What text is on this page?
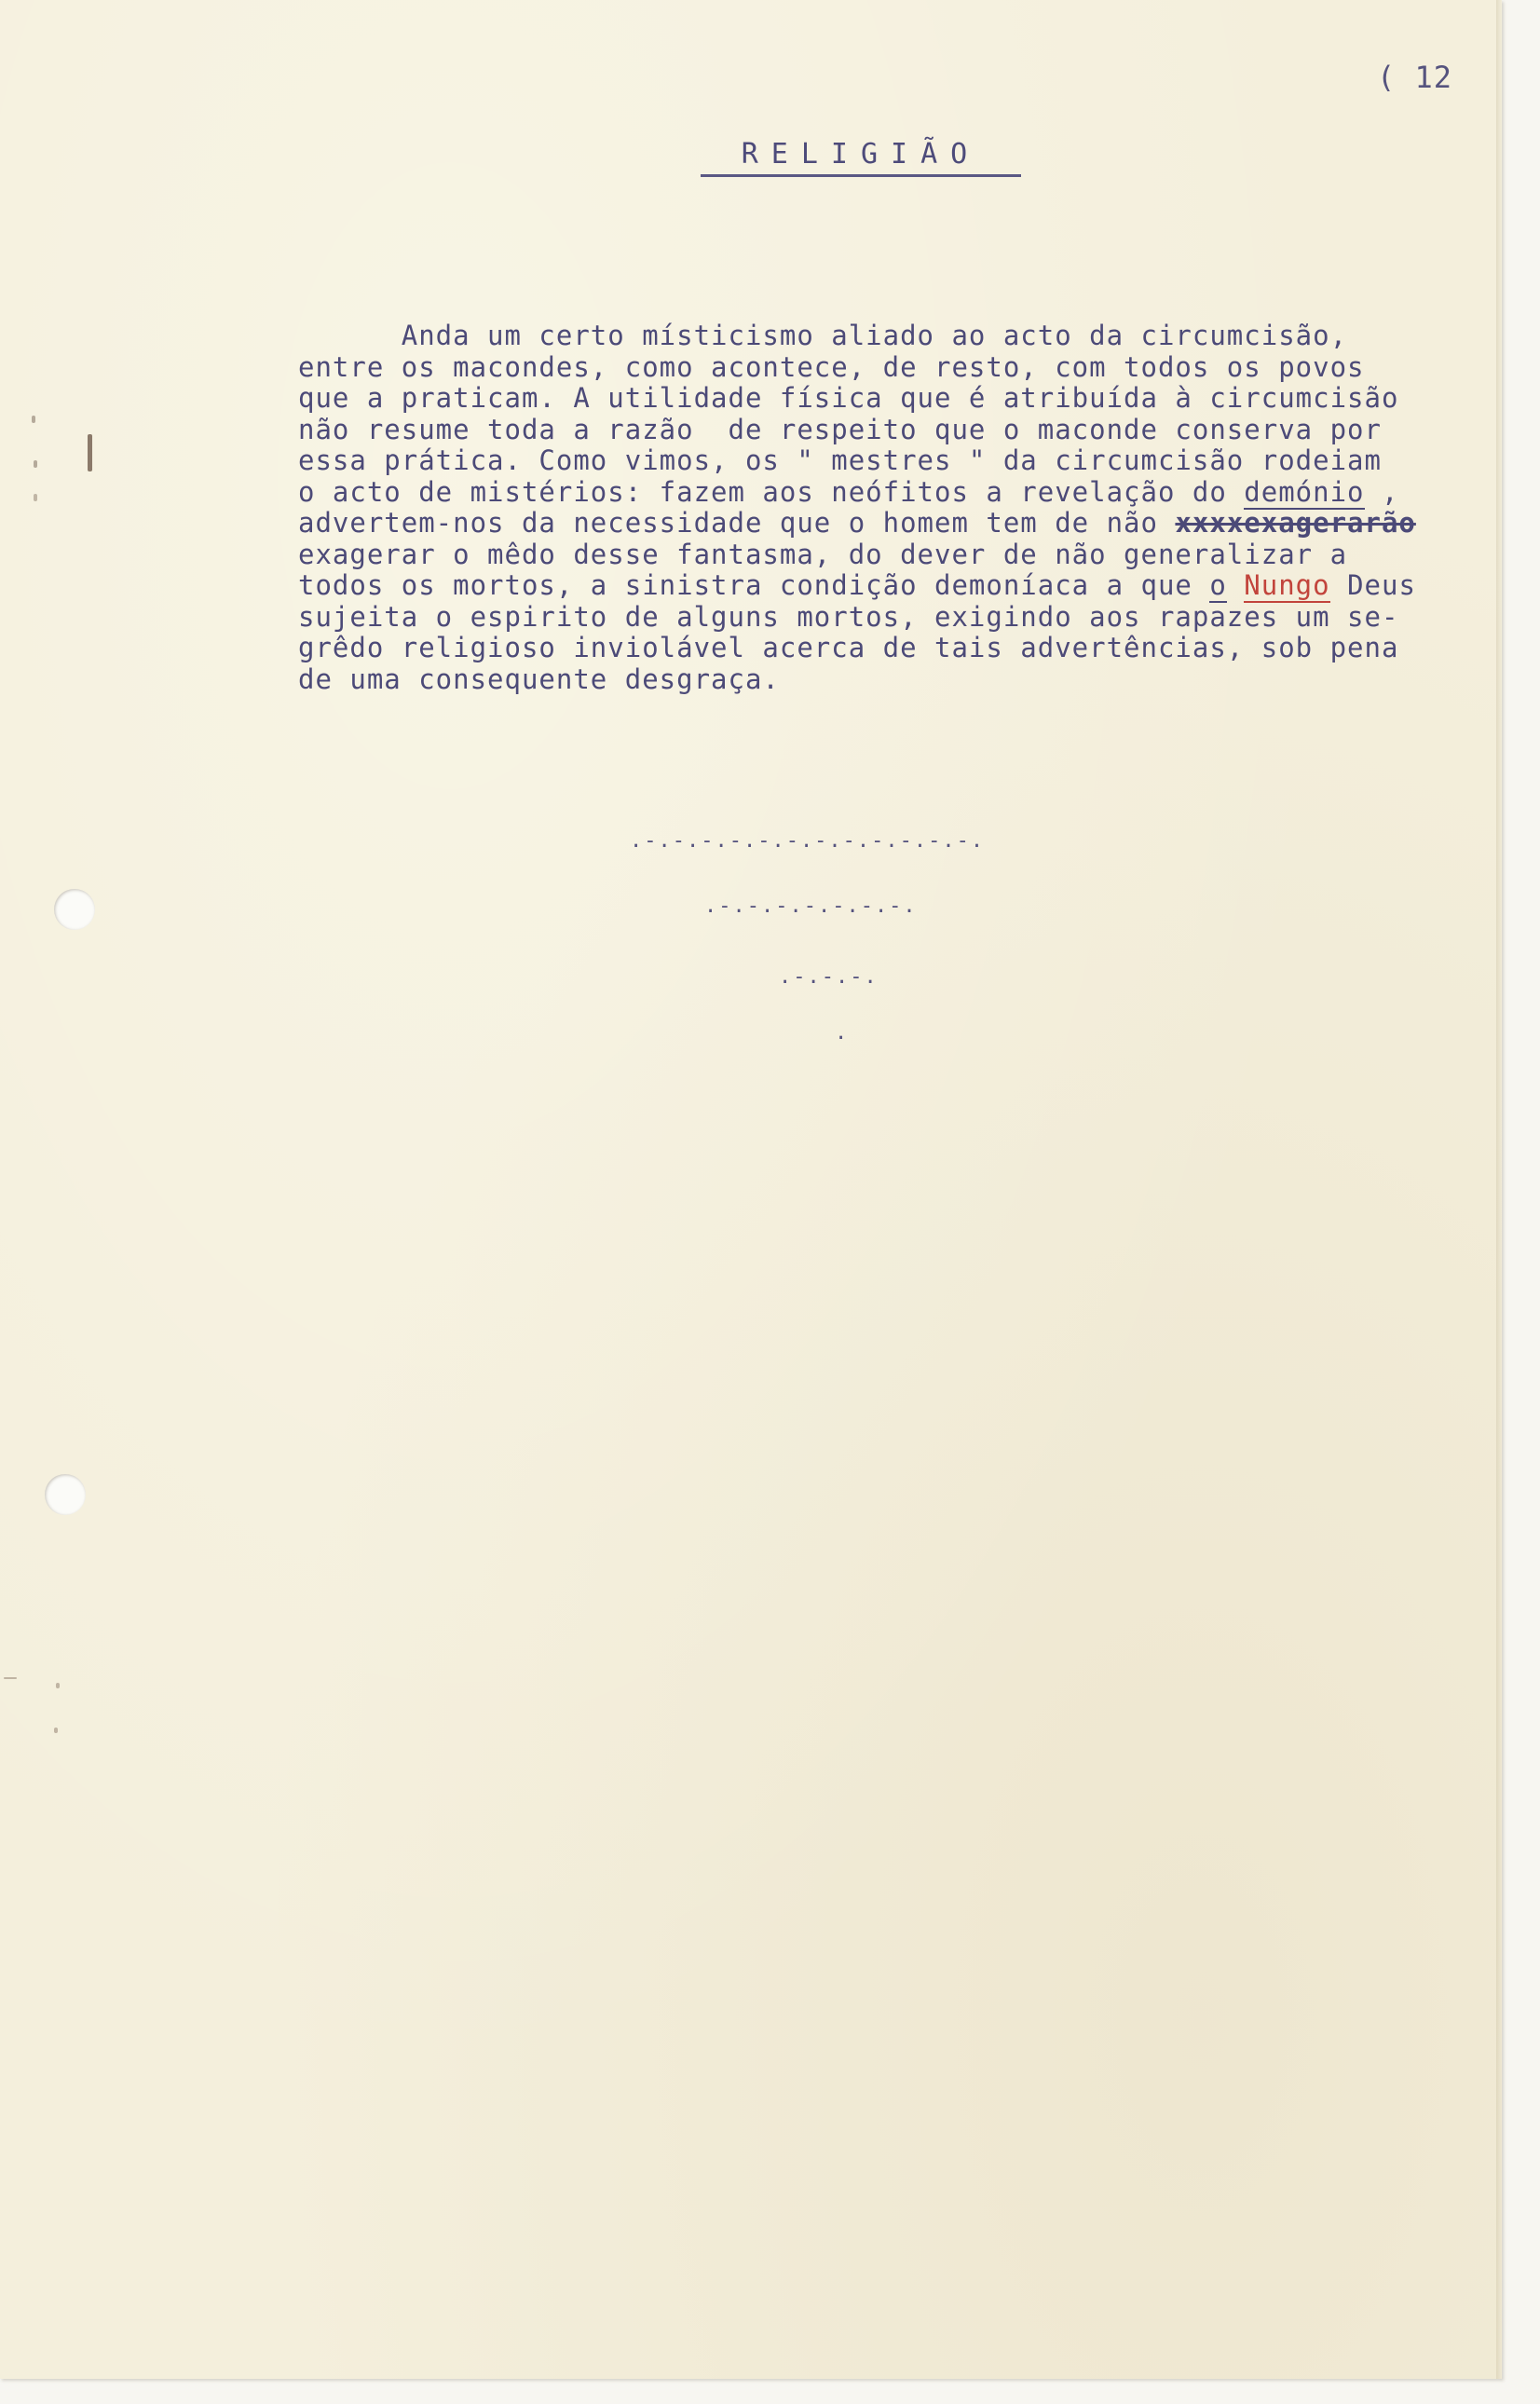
( 12
RELIGIÃO

Anda um certo místicismo aliado ao acto da circumcisão,

entre os macondes, como acontece, de resto, com todos os povos

que a praticam. A utilidade física que é atribuída à circumcisão

não resume toda a razão  de respeito que o maconde conserva por

essa prática. Como vimos, os " mestres " da circumcisão rodeiam

o acto de mistérios: fazem aos neófitos a revelação do demónio ,

advertem-nos da necessidade que o homem tem de não xxxxexagerarão

exagerar o mêdo desse fantasma, do dever de não generalizar a

todos os mortos, a sinistra condição demoníaca a que o Nungo Deus

sujeita o espirito de alguns mortos, exigindo aos rapazes um se-

grêdo religioso inviolável acerca de tais advertências, sob pena

de uma consequente desgraça.

.-.-.-.-.-.-.-.-.-.-.-.-.
.-.-.-.-.-.-.-.
.-.-.-.
.
